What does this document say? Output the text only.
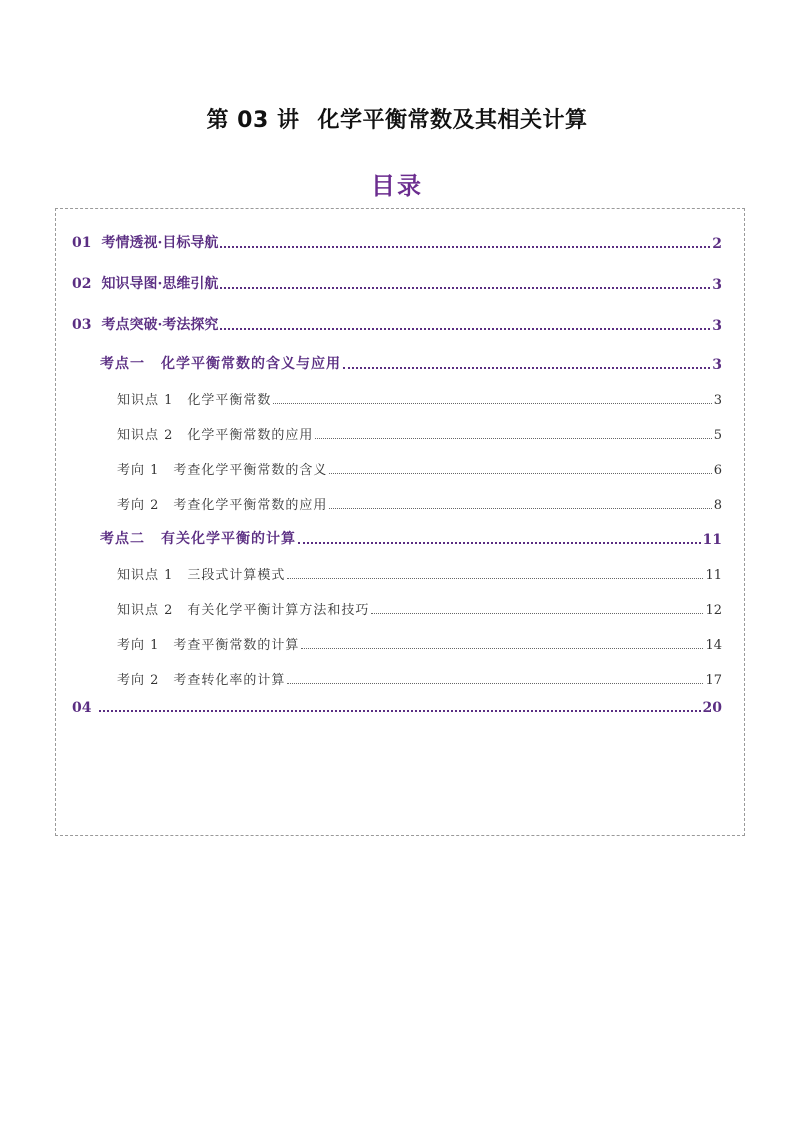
第 03 讲 化学平衡常数及其相关计算
目录
01 考情透视·目标导航	2
02 知识导图·思维引航	3
03 考点突破·考法探究	3
考点一 化学平衡常数的含义与应用	3
知识点 1 化学平衡常数	3
知识点 2 化学平衡常数的应用	5
考向 1 考查化学平衡常数的含义	6
考向 2 考查化学平衡常数的应用	8
考点二 有关化学平衡的计算	11
知识点 1 三段式计算模式	11
知识点 2 有关化学平衡计算方法和技巧	12
考向 1 考查平衡常数的计算	14
考向 2 考查转化率的计算	17
04	20
